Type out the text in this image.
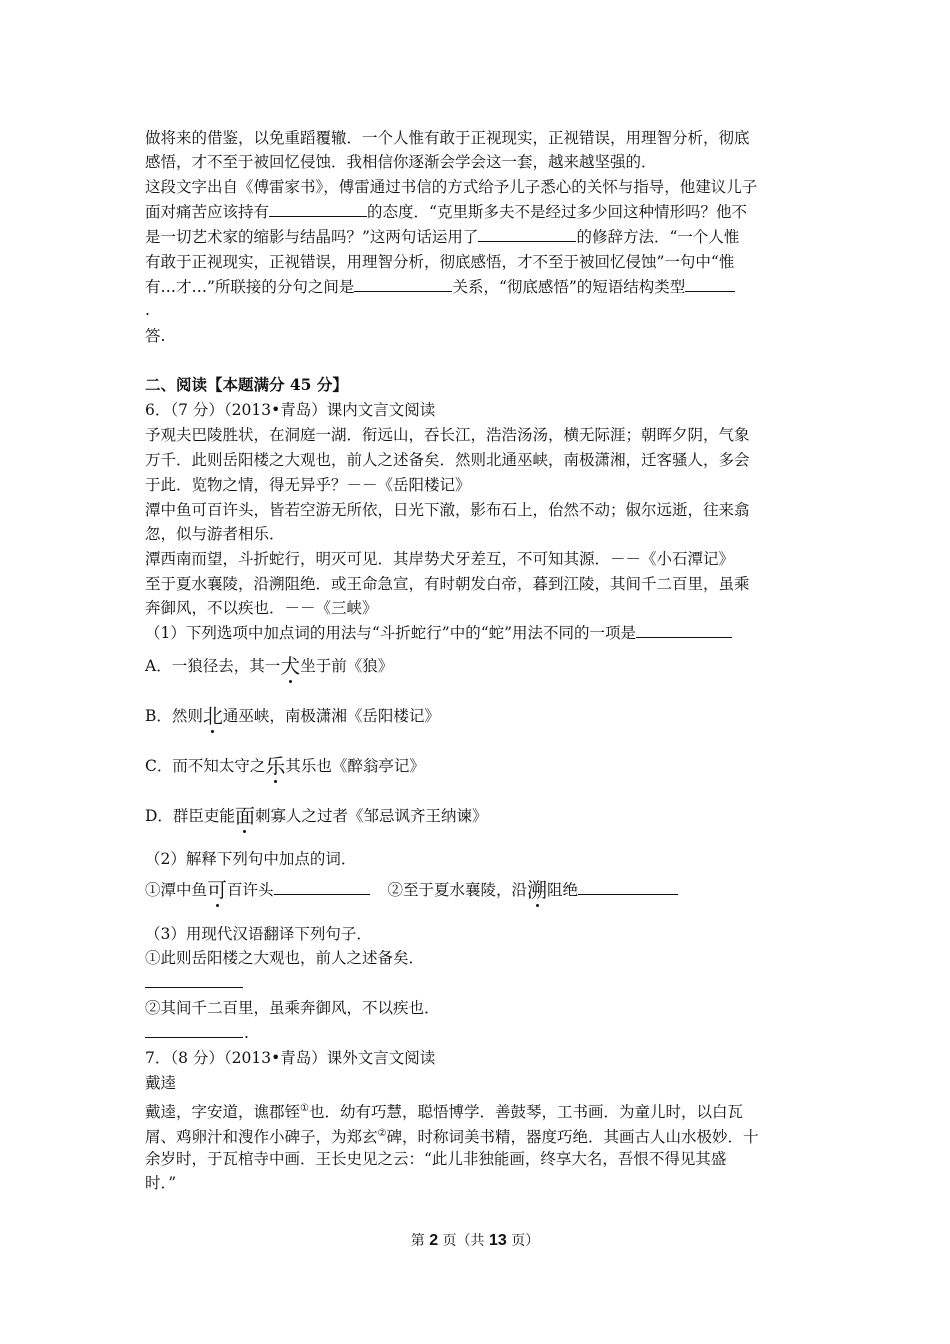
做将来的借鉴，以免重蹈覆辙．一个人惟有敢于正视现实，正视错误，用理智分析，彻底
感悟，才不至于被回忆侵蚀．我相信你逐渐会学会这一套，越来越坚强的．
这段文字出自《傅雷家书》，傅雷通过书信的方式给予儿子悉心的关怀与指导，他建议儿子
面对痛苦应该持有	的态度．“克里斯多夫不是经过多少回这种情形吗？他不
是一切艺术家的缩影与结晶吗？”这两句话运用了	的修辞方法．“一个人惟
有敢于正视现实，正视错误，用理智分析，彻底感悟，才不至于被回忆侵蚀”一句中“惟
有…才…”所联接的分句之间是	关系，“彻底感悟”的短语结构类型
.
答.
二、阅读【本题满分 45 分】
6．（7 分）（2013•青岛）课内文言文阅读
予观夫巴陵胜状，在洞庭一湖．衔远山，吞长江，浩浩汤汤，横无际涯；朝晖夕阴，气象
万千．此则岳阳楼之大观也，前人之述备矣．然则北通巫峡，南极潇湘，迁客骚人，多会
于此．览物之情，得无异乎？－－《岳阳楼记》
潭中鱼可百许头，皆若空游无所依，日光下澈，影布石上，佁然不动；俶尔远逝，往来翕
忽，似与游者相乐．
潭西南而望，斗折蛇行，明灭可见．其岸势犬牙差互，不可知其源．－－《小石潭记》
至于夏水襄陵，沿溯阻绝．或王命急宣，有时朝发白帝，暮到江陵，其间千二百里，虽乘
奔御风，不以疾也．－－《三峡》
（1）下列选项中加点词的用法与“斗折蛇行”中的“蛇”用法不同的一项是
A．一狼径去，其一犬坐于前《狼》
B．然则北通巫峡，南极潇湘《岳阳楼记》
C．而不知太守之乐其乐也《醉翁亭记》
D．群臣吏能面刺寡人之过者《邹忌讽齐王纳谏》
（2）解释下列句中加点的词．
①潭中鱼可百许头	②至于夏水襄陵，沿溯阻绝
（3）用现代汉语翻译下列句子．
①此则岳阳楼之大观也，前人之述备矣．
②其间千二百里，虽乘奔御风，不以疾也．
.
7．（8 分）（2013•青岛）课外文言文阅读
戴逵
戴逵，字安道，谯郡铚①也．幼有巧慧，聪悟博学．善鼓琴，工书画．为童儿时，以白瓦
屑、鸡卵汁和溲作小碑子，为郑玄②碑，时称词美书精，器度巧绝．其画古人山水极妙．十
余岁时，于瓦棺寺中画．王长史见之云：“此儿非独能画，终享大名，吾恨不得见其盛
时．”
第 2 页（共 13 页）
